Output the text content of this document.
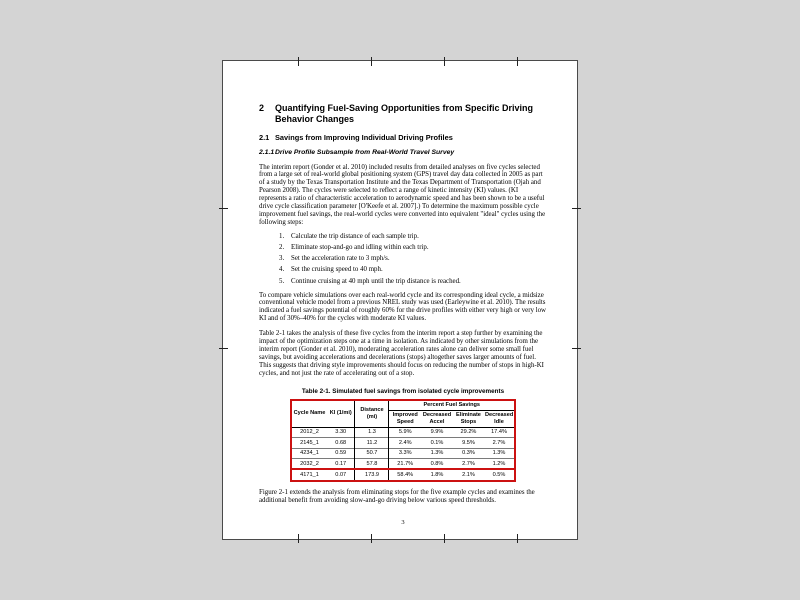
2	Quantifying Fuel-Saving Opportunities from Specific Driving Behavior Changes
2.1 Savings from Improving Individual Driving Profiles
2.1.1 Drive Profile Subsample from Real-World Travel Survey
The interim report (Gonder et al. 2010) included results from detailed analyses on five cycles selected from a large set of real-world global positioning system (GPS) travel day data collected in 2005 as part of a study by the Texas Transportation Institute and the Texas Department of Transportation (Ojah and Pearson 2008). The cycles were selected to reflect a range of kinetic intensity (KI) values. (KI represents a ratio of characteristic acceleration to aerodynamic speed and has been shown to be a useful drive cycle classification parameter [O'Keefe et al. 2007].) To determine the maximum possible cycle improvement fuel savings, the real-world cycles were converted into equivalent "ideal" cycles using the following steps:
1. Calculate the trip distance of each sample trip.
2. Eliminate stop-and-go and idling within each trip.
3. Set the acceleration rate to 3 mph/s.
4. Set the cruising speed to 40 mph.
5. Continue cruising at 40 mph until the trip distance is reached.
To compare vehicle simulations over each real-world cycle and its corresponding ideal cycle, a midsize conventional vehicle model from a previous NREL study was used (Earleywine et al. 2010). The results indicated a fuel savings potential of roughly 60% for the drive profiles with either very high or very low KI and of 30%–40% for the cycles with moderate KI values.
Table 2-1 takes the analysis of these five cycles from the interim report a step further by examining the impact of the optimization steps one at a time in isolation. As indicated by other simulations from the interim report (Gonder et al. 2010), moderating acceleration rates alone can deliver some small fuel savings, but avoiding accelerations and decelerations (stops) altogether saves larger amounts of fuel. This suggests that driving style improvements should focus on reducing the number of stops in high-KI cycles, and not just the rate of accelerating out of a stop.
Table 2-1. Simulated fuel savings from isolated cycle improvements
Cycle Name	KI (1/mi)	Distance (mi)	Percent Fuel Savings			
			Improved Speed	Decreased Accel	Eliminate Stops	Decreased Idle
2012_2	3.30	1.3	5.9%	9.9%	29.2%	17.4%
2145_1	0.68	11.2	2.4%	0.1%	9.5%	2.7%
4234_1	0.59	50.7	3.3%	1.3%	0.3%	1.3%
2032_2	0.17	57.8	21.7%	0.8%	2.7%	1.2%
4171_1	0.07	173.9	58.4%	1.8%	2.1%	0.5%
Figure 2-1 extends the analysis from eliminating stops for the five example cycles and examines the additional benefit from avoiding slow-and-go driving below various speed thresholds.
3
